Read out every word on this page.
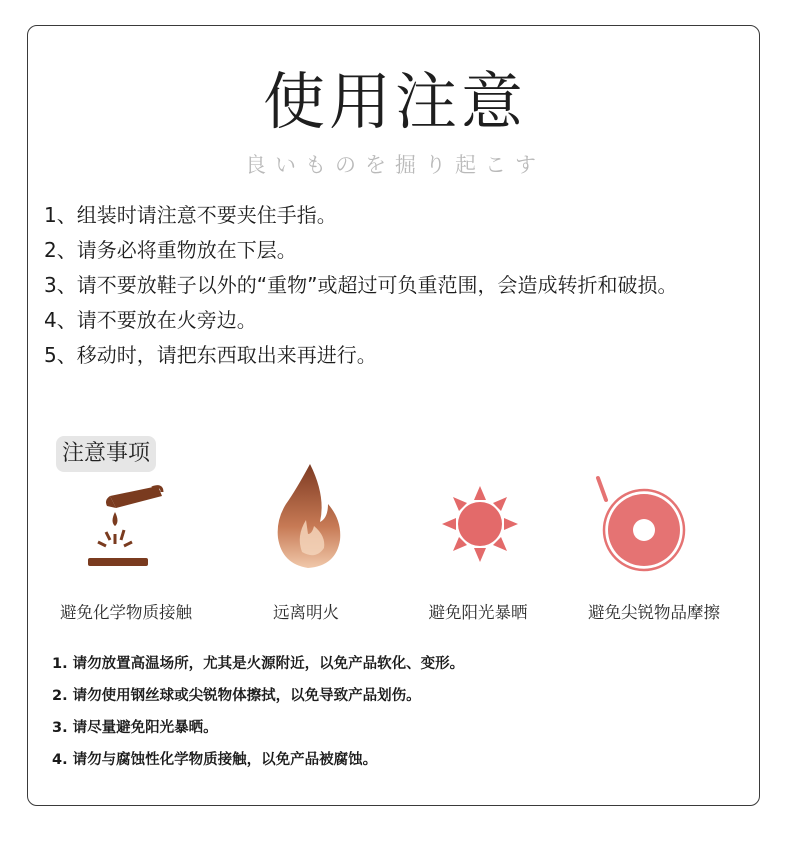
使用注意
良いものを掘り起こす
1、组装时请注意不要夹住手指。
2、请务必将重物放在下层。
3、请不要放鞋子以外的“重物”或超过可负重范围，会造成转折和破损。
4、请不要放在火旁边。
5、移动时，请把东西取出来再进行。
注意事项
避免化学物质接触	远离明火	避免阳光暴晒	避免尖锐物品摩擦
1. 请勿放置高温场所，尤其是火源附近，以免产品软化、变形。
2. 请勿使用钢丝球或尖锐物体擦拭，以免导致产品划伤。
3. 请尽量避免阳光暴晒。
4. 请勿与腐蚀性化学物质接触，以免产品被腐蚀。
